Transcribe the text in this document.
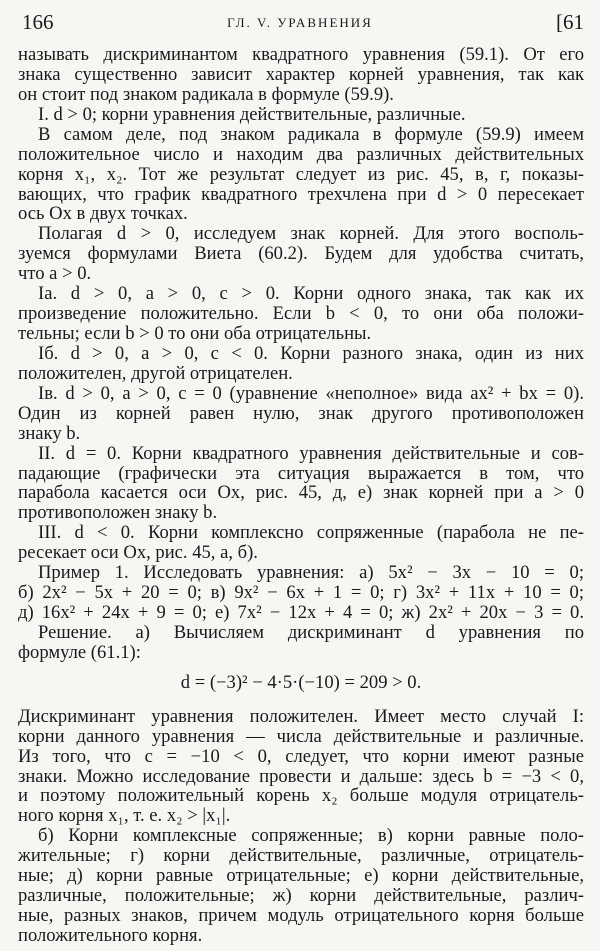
166	ГЛ. V. УРАВНЕНИЯ	[61
называть дискриминантом квадратного уравнения (59.1). От его
знака существенно зависит характер корней уравнения, так как
он стоит под знаком радикала в формуле (59.9).
I. d > 0; корни уравнения действительные, различные.
В самом деле, под знаком радикала в формуле (59.9) имеем
положительное число и находим два различных действительных
корня x₁, x₂. Тот же результат следует из рис. 45, в, г, показы-
вающих, что график квадратного трехчлена при d > 0 пересекает
ось Ox в двух точках.
Полагая d > 0, исследуем знак корней. Для этого восполь-
зуемся формулами Виета (60.2). Будем для удобства считать,
что a > 0.
Iа. d > 0, a > 0, c > 0. Корни одного знака, так как их
произведение положительно. Если b < 0, то они оба положи-
тельны; если b > 0 то они оба отрицательны.
Iб. d > 0, a > 0, c < 0. Корни разного знака, один из них
положителен, другой отрицателен.
Iв. d > 0, a > 0, c = 0 (уравнение «неполное» вида ax² + bx = 0).
Один из корней равен нулю, знак другого противоположен
знаку b.
II. d = 0. Корни квадратного уравнения действительные и сов-
падающие (графически эта ситуация выражается в том, что
парабола касается оси Ox, рис. 45, д, е) знак корней при a > 0
противоположен знаку b.
III. d < 0. Корни комплексно сопряженные (парабола не пе-
ресекает оси Ox, рис. 45, а, б).
Пример 1. Исследовать уравнения: а) 5x² − 3x − 10 = 0;
б) 2x² − 5x + 20 = 0; в) 9x² − 6x + 1 = 0; г) 3x² + 11x + 10 = 0;
д) 16x² + 24x + 9 = 0; е) 7x² − 12x + 4 = 0; ж) 2x² + 20x − 3 = 0.
Решение. а) Вычисляем дискриминант d уравнения по
формуле (61.1):
d = (−3)² − 4·5·(−10) = 209 > 0.
Дискриминант уравнения положителен. Имеет место случай I:
корни данного уравнения — числа действительные и различные.
Из того, что c = −10 < 0, следует, что корни имеют разные
знаки. Можно исследование провести и дальше: здесь b = −3 < 0,
и поэтому положительный корень x₂ больше модуля отрицатель-
ного корня x₁, т. е. x₂ > |x₁|.
б) Корни комплексные сопряженные; в) корни равные поло-
жительные; г) корни действительные, различные, отрицатель-
ные; д) корни равные отрицательные; е) корни действительные,
различные, положительные; ж) корни действительные, различ-
ные, разных знаков, причем модуль отрицательного корня больше
положительного корня.
